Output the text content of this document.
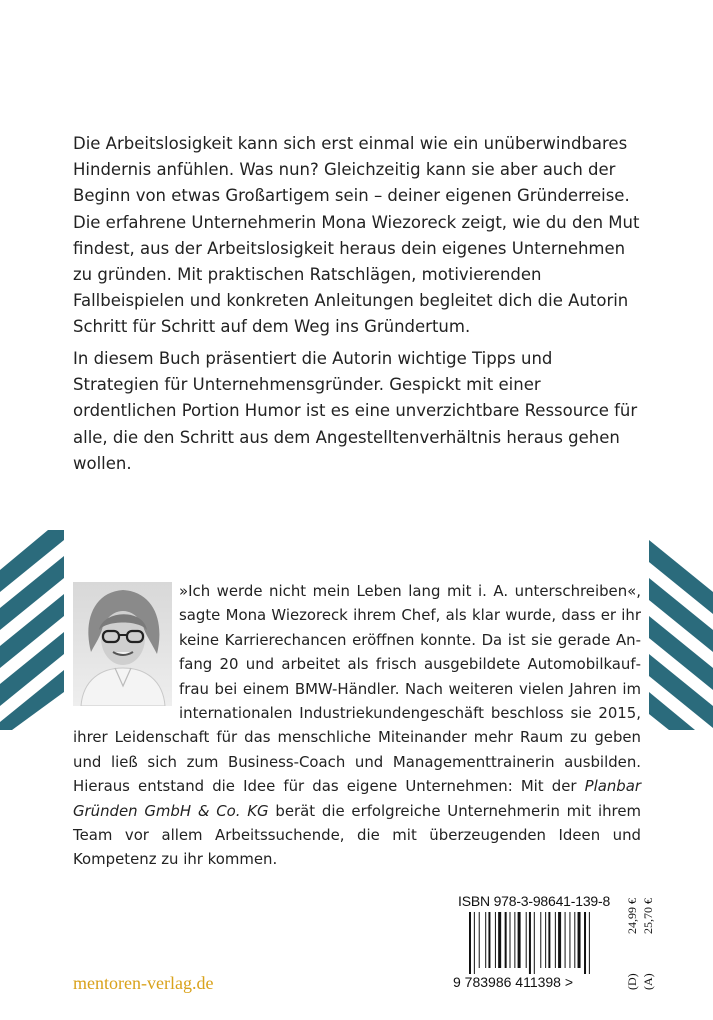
Die Arbeitslosigkeit kann sich erst einmal wie ein unüberwindbares Hindernis anfühlen. Was nun? Gleichzeitig kann sie aber auch der Beginn von etwas Großartigem sein – deiner eigenen Gründerreise. Die erfahrene Unternehmerin Mona Wiezoreck zeigt, wie du den Mut findest, aus der Arbeitslosigkeit heraus dein eigenes Unternehmen zu gründen. Mit praktischen Ratschlägen, motivierenden Fallbeispielen und konkreten Anleitungen begleitet dich die Autorin Schritt für Schritt auf dem Weg ins Gründertum.

In diesem Buch präsentiert die Autorin wichtige Tipps und Strategien für Unternehmensgründer. Gespickt mit einer ordentlichen Portion Humor ist es eine unverzichtbare Ressource für alle, die den Schritt aus dem Angestelltenverhältnis heraus gehen wollen.

»Ich werde nicht mein Leben lang mit i. A. unterschreiben«, sagte Mona Wiezoreck ihrem Chef, als klar wurde, dass er ihr keine Karrierechancen eröffnen konnte. Da ist sie gerade Anfang 20 und arbeitet als frisch ausgebildete Automobilkauffrau bei einem BMW-Händler. Nach weiteren vielen Jahren im internationalen Industriekundengeschäft beschloss sie 2015, ihrer Leidenschaft für das menschliche Miteinander mehr Raum zu geben und ließ sich zum Business-Coach und Managementtrainerin ausbilden. Hieraus entstand die Idee für das eigene Unternehmen: Mit der Planbar Gründen GmbH & Co. KG berät die erfolgreiche Unternehmerin mit ihrem Team vor allem Arbeitssuchende, die mit überzeugenden Ideen und Kompetenz zu ihr kommen.
ISBN 978-3-98641-139-8
9 783986 411398 >
24,99 € 25,70 €
(D) (A)
mentoren-verlag.de
